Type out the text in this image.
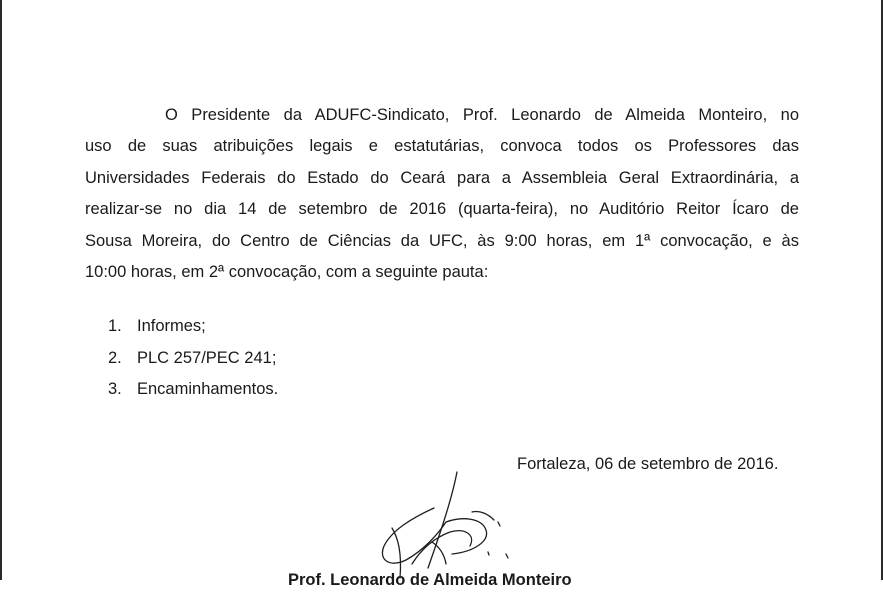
O Presidente da ADUFC-Sindicato, Prof. Leonardo de Almeida Monteiro, no
uso de suas atribuições legais e estatutárias, convoca todos os Professores das
Universidades Federais do Estado do Ceará para a Assembleia Geral Extraordinária, a
realizar-se no dia 14 de setembro de 2016 (quarta-feira), no Auditório Reitor Ícaro de
Sousa Moreira, do Centro de Ciências da UFC, às 9:00 horas, em 1ª convocação, e às
10:00 horas, em 2ª convocação, com a seguinte pauta:
1. Informes;
2. PLC 257/PEC 241;
3. Encaminhamentos.
Fortaleza, 06 de setembro de 2016.
Prof. Leonardo de Almeida Monteiro
